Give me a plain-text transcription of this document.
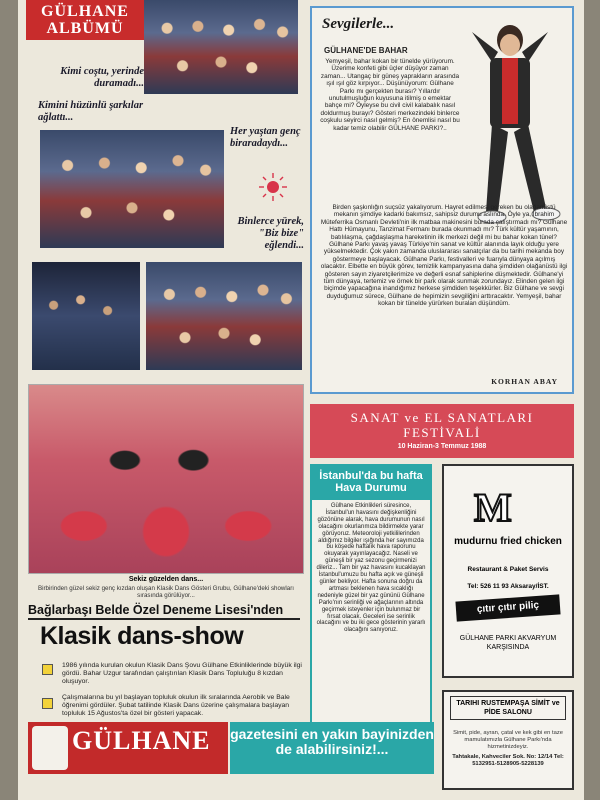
GÜLHANE ALBÜMÜ
Kimi coştu, yerinde duramadı...
Kimini hüzünlü şarkılar ağlattı...
Her yaştan genç biraradaydı...
Binlerce yürek, "Biz bize" eğlendi...
Sevgilerle...
GÜLHANE'DE BAHAR
Yemyeşil, bahar kokan bir tünelde yürüyorum. Üzerime konfeti gibi üçler düşüyor zaman zaman... Utangaç bir güneş yaprakların arasında ışıl ışıl göz kırpıyor... Düşünüyorum: Gülhane Parkı mı gerçekten burası? Yıllardır unutulmuşluğun kuyusuna itilmiş o emektar bahçe mi? Öyleyse bu civil civil kalabalık nasıl doldurmuş burayı? Gösteri merkezindeki binlerce coşkulu seyirci nasıl gelmiş? En önemlisi nasıl bu kadar temiz olabilir GÜLHANE PARKI?..
Birden şaşkınlığın suçsüz yakalıyorum. Hayret edilmesi gereken bu olağanüstü mekanın şimdiye kadarki bakımsız, sahipsiz durumu aslında. Öyle ya, İbrahim Müteferrika Osmanlı Devleti'nin ilk matbaa makinesini burada çalıştırmadı mı? Gülhane Hattı Hümayunu, Tanzimat Fermanı burada okunmadı mı? Türk kültür yaşamının, batılılaşma, çağdaşlaşma hareketinin ilk merkezi değil mi bu bahar kokan tünel? Gülhane Parkı yavaş yavaş Türkiye'nin sanat ve kültür alanında layık olduğu yere yükselmektedir. Çok yakın zamanda uluslararası sanatçılar da bu tarihi mekanda boy göstermeye başlayacak. Gülhane Parkı, festivalleri ve fuarıyla dünyaya açılmış olacaktır. Elbette en büyük görev, temizlik kampanyasına daha şimdiden olağanüstü ilgi gösteren sayın ziyaretçilerimize ve değerli esnaf sahiplerine düşmektedir. Gülhane'yi tüm dünyaya, tertemiz ve örnek bir park olarak sunmak zorundayız. Elinden gelen ilgi biçimde yapacağına inandığımız herkese şimdiden teşekkürler. Biz Gülhane ve sevgi duyduğumuz sürece, Gülhane de hepimizin sevgiliğini arttıracaktır. Yemyeşil, bahar kokan bir tünelde yürürken buralan düşündüm.
KORHAN ABAY
Sekiz güzelden dans...
Birbirinden güzel sekiz genç kızdan oluşan Klasik Dans Gösteri Grubu, Gülhane'deki showları sırasında görülüyor...
Bağlarbaşı Belde Özel Deneme Lisesi'nden
Klasik dans-show
1986 yılında kurulan okulun Klasik Dans Şovu Gülhane Etkinliklerinde büyük ilgi gördü. Bahar Uzgur tarafından çalıştırılan Klasik Dans Topluluğu 8 kızdan oluşuyor.
Çalışmalarına bu yıl başlayan topluluk okulun ilk sıralarında Aerobik ve Bale öğrenimi gördüler. Şubat tatilinde Klasik Dans üzerine çalışmalara başlayan topluluk 15 Ağustos'ta özel bir gösteri yapacak.
SANAT ve EL SANATLARI FESTİVALİ
10 Haziran-3 Temmuz 1988
İstanbul'da bu hafta Hava Durumu
Gülhane Etkinlikleri süresince, İstanbul'un havasını değişkenliğini gözönüne alarak, hava durumunun nasıl olacağını okurlarımıza bildirmekte yarar görüyoruz. Meteoroloji yetkililerinden aldığımız bilgiler ışığında her sayımızda bu köşede haftalık hava raporunu okuyarak yayınlayacağız. Naseli ve güneşli bir yaz sezonu geçirmenizi dileriz... Tam bir yaz havasını kucaklayan İstanbul'umuzu bu hafta açık ve güneşli günler bekliyor. Hafta sonuna doğru da artması beklenen hava sıcaklığı nedeniyle güzel bir yaz gününü Gülhane Parkı'nın serinliği ve ağaçlarının altında geçirmek isteyenler için bulunmaz bir fırsat olacak. Geceleri ise serinlik olacağını ve bu iki gece gösterinin yararlı olacağını sanıyoruz.
M
mudurnu fried chicken
Restaurant & Paket Servis
Tel: 526 11 93 Aksaray/İST.
çıtır çıtır piliç
GÜLHANE PARKI AKVARYUM KARŞISINDA
TARIHI RUSTEMPAŞA SİMİT ve PİDE SALONU
Simit, pide, ayran, çatal ve kek gibi en taze mamulatımızla Gülhane Parkı'nda hizmetinizdeyiz.
Tahtakale, Kahveciler Sok. No: 12/14 Tel: 5132951-5128905-5228139
GÜLHANE gazetesini en yakın bayinizden de alabilirsiniz!...
